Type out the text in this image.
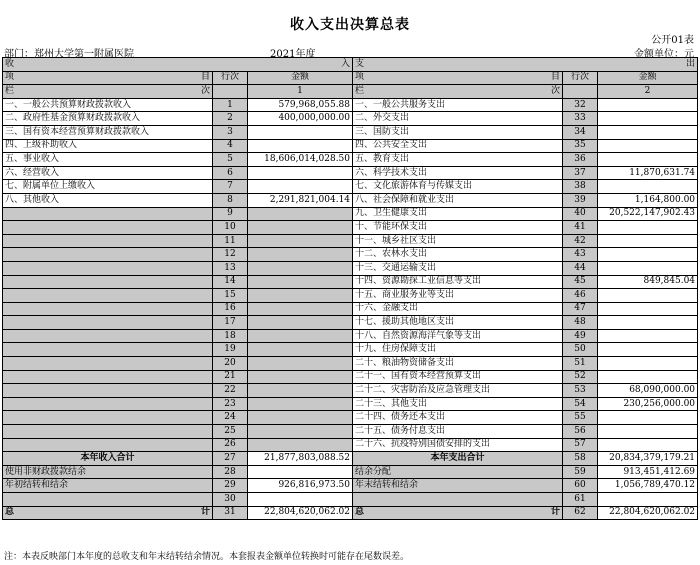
收入支出决算总表
公开01表
部门：郑州大学第一附属医院	2021年度	金额单位：元
收 入			支 出		

项 目	行次	金额	项 目	行次	金额

栏 次		1	栏 次		2
一、一般公共预算财政拨款收入	1	579,968,055.88	一、一般公共服务支出	32	
二、政府性基金预算财政拨款收入	2	400,000,000.00	二、外交支出	33	
三、国有资本经营预算财政拨款收入	3		三、国防支出	34	
四、上级补助收入	4		四、公共安全支出	35	
五、事业收入	5	18,606,014,028.50	五、教育支出	36	
六、经营收入	6		六、科学技术支出	37	11,870,631.74
七、附属单位上缴收入	7		七、文化旅游体育与传媒支出	38	
八、其他收入	8	2,291,821,004.14	八、社会保障和就业支出	39	1,164,800.00
	9		九、卫生健康支出	40	20,522,147,902.43
	10		十、节能环保支出	41	
	11		十一、城乡社区支出	42	
	12		十二、农林水支出	43	
	13		十三、交通运输支出	44	
	14		十四、资源勘探工业信息等支出	45	849,845.04
	15		十五、商业服务业等支出	46	
	16		十六、金融支出	47	
	17		十七、援助其他地区支出	48	
	18		十八、自然资源海洋气象等支出	49	
	19		十九、住房保障支出	50	
	20		二十、粮油物资储备支出	51	
	21		二十一、国有资本经营预算支出	52	
	22		二十二、灾害防治及应急管理支出	53	68,090,000.00
	23		二十三、其他支出	54	230,256,000.00
	24		二十四、债务还本支出	55	
	25		二十五、债务付息支出	56	
	26		二十六、抗疫特别国债安排的支出	57	
本年收入合计	27	21,877,803,088.52	本年支出合计	58	20,834,379,179.21
使用非财政拨款结余	28		结余分配	59	913,451,412.69
年初结转和结余	29	926,816,973.50	年末结转和结余	60	1,056,789,470.12
	30			61	

总 计	31	22,804,620,062.02	总 计	62	22,804,620,062.02
注：本表反映部门本年度的总收支和年末结转结余情况。本套报表金额单位转换时可能存在尾数误差。
